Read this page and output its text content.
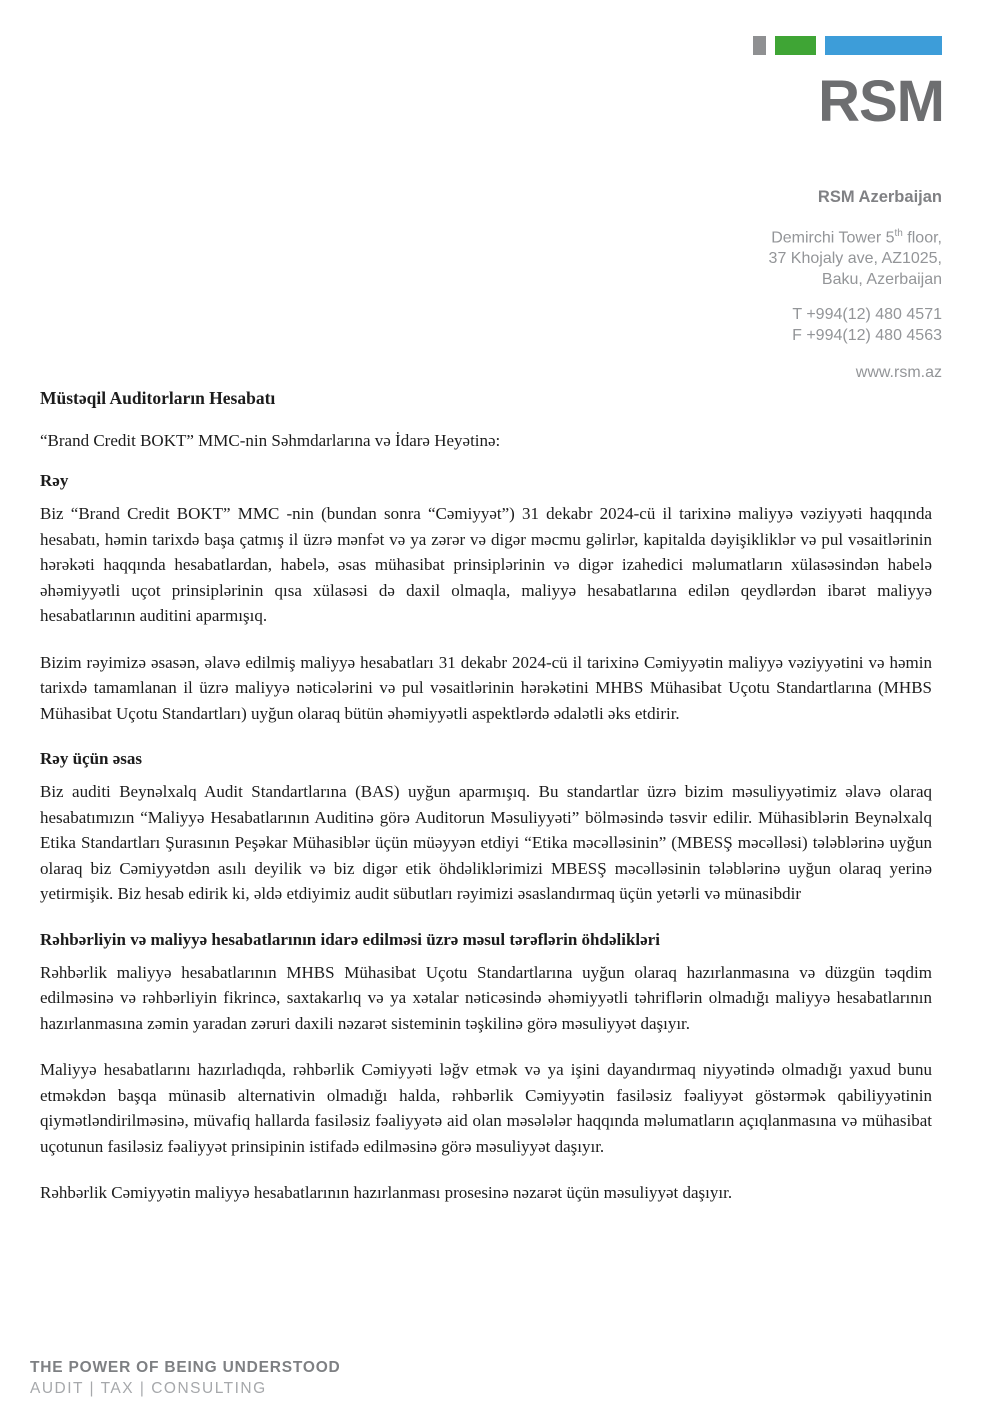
RSM
RSM Azerbaijan
Demirchi Tower 5th floor,
37 Khojaly ave, AZ1025,
Baku, Azerbaijan
T +994(12) 480 4571
F +994(12) 480 4563
www.rsm.az
Müstəqil Auditorların Hesabatı

“Brand Credit BOKT” MMC-nin Səhmdarlarına və İdarə Heyətinə:

Rəy

Biz “Brand Credit BOKT” MMC -nin (bundan sonra “Cəmiyyət”) 31 dekabr 2024-cü il tarixinə maliyyə vəziyyəti haqqında hesabatı, həmin tarixdə başa çatmış il üzrə mənfət və ya zərər və digər məcmu gəlirlər, kapitalda dəyişikliklər və pul vəsaitlərinin hərəkəti haqqında hesabatlardan, habelə, əsas mühasibat prinsiplərinin və digər izahedici məlumatların xülasəsindən habelə əhəmiyyətli uçot prinsiplərinin qısa xülasəsi də daxil olmaqla, maliyyə hesabatlarına edilən qeydlərdən ibarət maliyyə hesabatlarının auditini aparmışıq.

Bizim rəyimizə əsasən, əlavə edilmiş maliyyə hesabatları 31 dekabr 2024-cü il tarixinə Cəmiyyətin maliyyə vəziyyətini və həmin tarixdə tamamlanan il üzrə maliyyə nəticələrini və pul vəsaitlərinin hərəkətini MHBS Mühasibat Uçotu Standartlarına (MHBS Mühasibat Uçotu Standartları) uyğun olaraq bütün əhəmiyyətli aspektlərdə ədalətli əks etdirir.

Rəy üçün əsas

Biz auditi Beynəlxalq Audit Standartlarına (BAS) uyğun aparmışıq. Bu standartlar üzrə bizim məsuliyyətimiz əlavə olaraq hesabatımızın “Maliyyə Hesabatlarının Auditinə görə Auditorun Məsuliyyəti” bölməsində təsvir edilir. Mühasiblərin Beynəlxalq Etika Standartları Şurasının Peşəkar Mühasiblər üçün müəyyən etdiyi “Etika məcəlləsinin” (MBESŞ məcəlləsi) tələblərinə uyğun olaraq biz Cəmiyyətdən asılı deyilik və biz digər etik öhdəliklərimizi MBESŞ məcəlləsinin tələblərinə uyğun olaraq yerinə yetirmişik. Biz hesab edirik ki, əldə etdiyimiz audit sübutları rəyimizi əsaslandırmaq üçün yetərli və münasibdir

Rəhbərliyin və maliyyə hesabatlarının idarə edilməsi üzrə məsul tərəflərin öhdəlikləri

Rəhbərlik maliyyə hesabatlarının MHBS Mühasibat Uçotu Standartlarına uyğun olaraq hazırlanmasına və düzgün təqdim edilməsinə və rəhbərliyin fikrincə, saxtakarlıq və ya xətalar nəticəsində əhəmiyyətli təhriflərin olmadığı maliyyə hesabatlarının hazırlanmasına zəmin yaradan zəruri daxili nəzarət sisteminin təşkilinə görə məsuliyyət daşıyır.

Maliyyə hesabatlarını hazırladıqda, rəhbərlik Cəmiyyəti ləğv etmək və ya işini dayandırmaq niyyətində olmadığı yaxud bunu etməkdən başqa münasib alternativin olmadığı halda, rəhbərlik Cəmiyyətin fasiləsiz fəaliyyət göstərmək qabiliyyətinin qiymətləndirilməsinə, müvafiq hallarda fasiləsiz fəaliyyətə aid olan məsələlər haqqında məlumatların açıqlanmasına və mühasibat uçotunun fasiləsiz fəaliyyət prinsipinin istifadə edilməsinə görə məsuliyyət daşıyır.

Rəhbərlik Cəmiyyətin maliyyə hesabatlarının hazırlanması prosesinə nəzarət üçün məsuliyyət daşıyır.

THE POWER OF BEING UNDERSTOOD
AUDIT | TAX | CONSULTING
